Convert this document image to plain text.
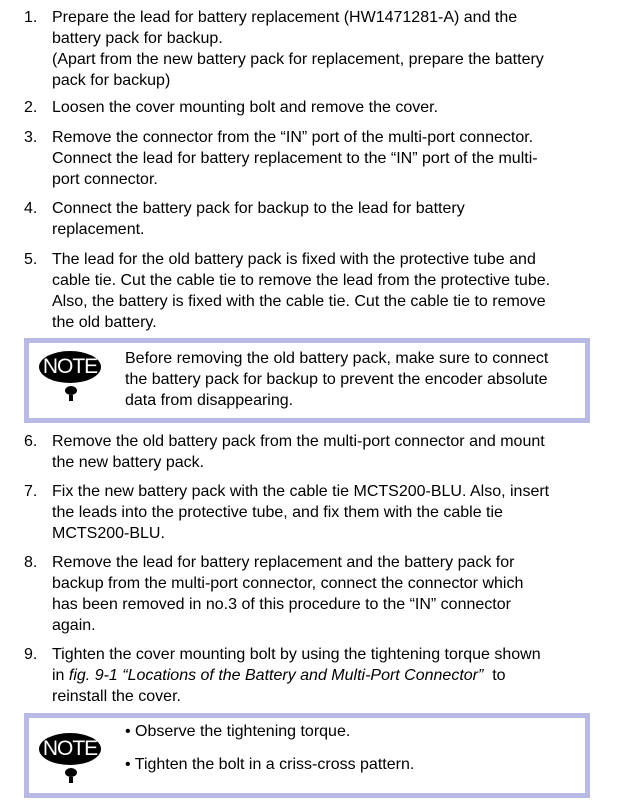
1. Prepare the lead for battery replacement (HW1471281-A) and the

battery pack for backup.

(Apart from the new battery pack for replacement, prepare the battery

pack for backup)

2. Loosen the cover mounting bolt and remove the cover.

3. Remove the connector from the “IN” port of the multi-port connector.

Connect the lead for battery replacement to the “IN” port of the multi-

port connector.

4. Connect the battery pack for backup to the lead for battery

replacement.

5. The lead for the old battery pack is fixed with the protective tube and

cable tie. Cut the cable tie to remove the lead from the protective tube.

Also, the battery is fixed with the cable tie. Cut the cable tie to remove

the old battery.

NOTE Before removing the old battery pack, make sure to connect

the battery pack for backup to prevent the encoder absolute

data from disappearing.

6. Remove the old battery pack from the multi-port connector and mount

the new battery pack.

7. Fix the new battery pack with the cable tie MCTS200-BLU. Also, insert

the leads into the protective tube, and fix them with the cable tie

MCTS200-BLU.

8. Remove the lead for battery replacement and the battery pack for

backup from the multi-port connector, connect the connector which

has been removed in no.3 of this procedure to the “IN” connector

again.

9. Tighten the cover mounting bolt by using the tightening torque shown

in fig. 9-1 “Locations of the Battery and Multi-Port Connector”  to

reinstall the cover.

NOTE
• Observe the tightening torque.
• Tighten the bolt in a criss-cross pattern.
